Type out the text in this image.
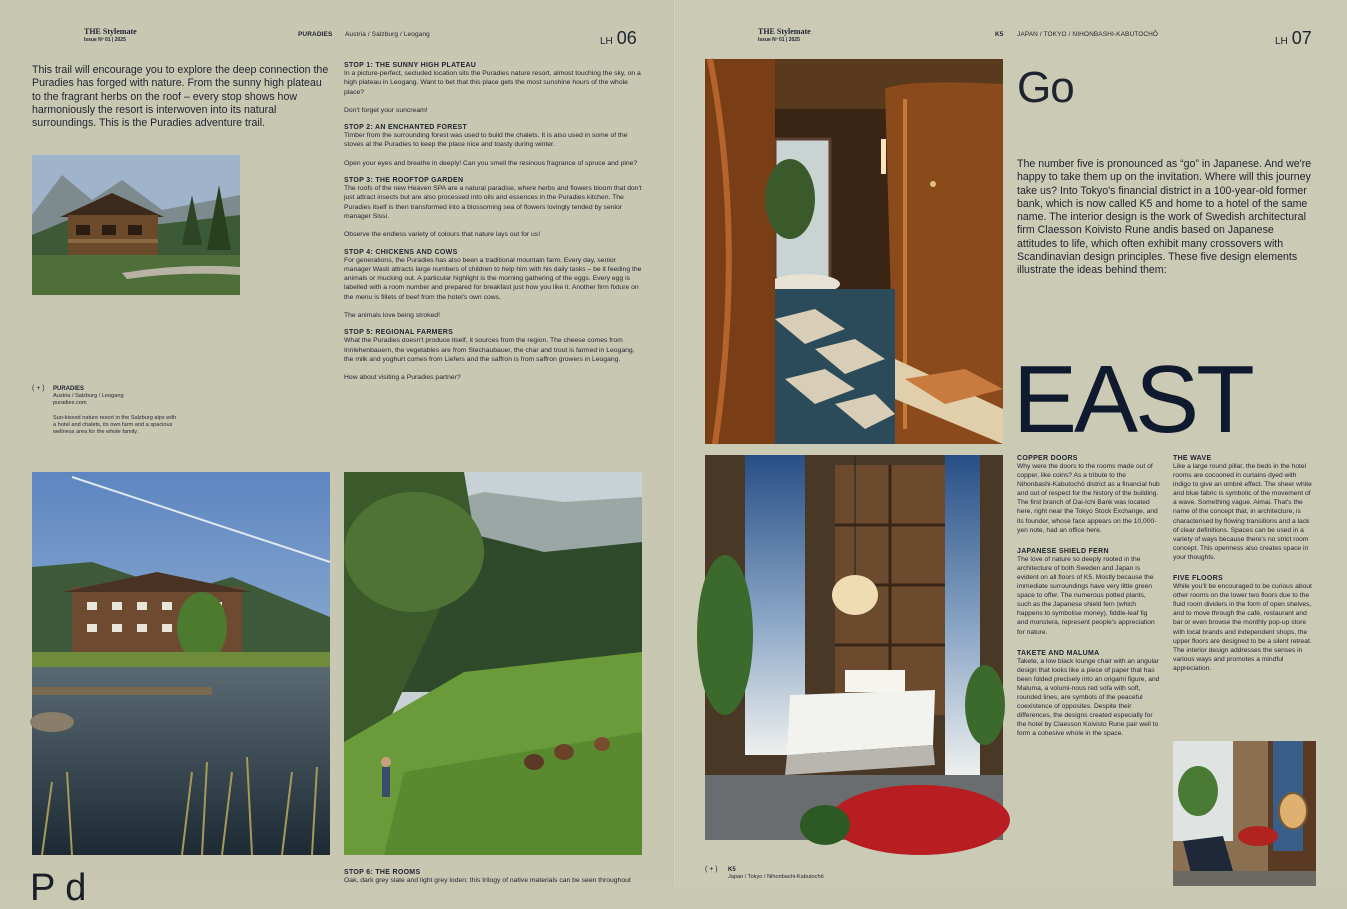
THE Stylemate
Issue Nº 01 | 2025
PURADIES Austria / Salzburg / Leogang
LH 06
This trail will encourage you to explore the deep connection the Puradies has forged with nature. From the sunny high plateau to the fragrant herbs on the roof – every stop shows how harmoniously the resort is interwoven into its natural surroundings. This is the Puradies adventure trail.
STOP 1: THE SUNNY HIGH PLATEAU

In a picture-perfect, secluded location sits the Puradies nature resort, almost touching the sky, on a high plateau in Leogang. Want to bet that this place gets the most sunshine hours of the whole place?

Don't forget your suncream!

STOP 2: AN ENCHANTED FOREST

Timber from the surrounding forest was used to build the chalets. It is also used in some of the stoves at the Puradies to keep the place nice and toasty during winter.

Open your eyes and breathe in deeply! Can you smell the resinous fragrance of spruce and pine?

STOP 3: THE ROOFTOP GARDEN

The roofs of the new Heaven SPA are a natural paradise, where herbs and flowers bloom that don't just attract insects but are also processed into oils and essences in the Puradies kitchen. The Puradies itself is then transformed into a blossoming sea of flowers lovingly tended by senior manager Sissi.

Observe the endless variety of colours that nature lays out for us!

STOP 4: CHICKENS AND COWS

For generations, the Puradies has also been a traditional mountain farm. Every day, senior manager Wasti attracts large numbers of children to help him with his daily tasks – be it feeding the animals or mucking out. A particular highlight is the morning gathering of the eggs. Every egg is labelled with a room number and prepared for breakfast just how you like it. Another firm fixture on the menu is fillets of beef from the hotel's own cows.

The animals love being stroked!

STOP 5: REGIONAL FARMERS

What the Puradies doesn't produce itself, it sources from the region. The cheese comes from Innlehenbauern, the vegetables are from Stechaubauer, the char and trout is farmed in Leogang, the milk and yoghurt comes from Liefers and the saffron is from saffron growers in Leogang.

How about visiting a Puradies partner?

( + ) PURADIES
Austria / Salzburg / Leogang
puradies.com

Sun-kissed nature resort in the Salzburg alps with a hotel and chalets, its own farm and a spacious wellness area for the whole family.
STOP 6: THE ROOMS

Oak, dark grey slate and light grey loden: this trilogy of native materials can be seen throughout

P d
THE Stylemate
Issue Nº 01 | 2025
K5 JAPAN / TOKYO / NIHONBASHI-KABUTOCHŌ
LH 07
Go
The number five is pronounced as “go” in Japanese. And we're happy to take them up on the invitation. Where will this journey take us? Into Tokyo's financial district in a 100-year-old former bank, which is now called K5 and home to a hotel of the same name. The interior design is the work of Swedish architectural firm Claesson Koivisto Rune andis based on Japanese attitudes to life, which often exhibit many crossovers with Scandinavian design principles. These five design elements illustrate the ideas behind them:
EAST
COPPER DOORS

Why were the doors to the rooms made out of copper, like coins? As a tribute to the Nihonbashi-Kabutochō district as a financial hub and out of respect for the history of the building. The first branch of Dai-Ichi Bank was located here, right near the Tokyo Stock Exchange, and its founder, whose face appears on the 10,000-yen note, had an office here.

JAPANESE SHIELD FERN

The love of nature so deeply rooted in the architecture of both Sweden and Japan is evident on all floors of K5. Mostly because the immediate surroundings have very little green space to offer. The numerous potted plants, such as the Japanese shield fern (which happens to symbolise money), fiddle-leaf fig and monstera, represent people's appreciation for nature.

TAKETE AND MALUMA

Takete, a low black lounge chair with an angular design that looks like a piece of paper that has been folded precisely into an origami figure, and Maluma, a volumi-nous red sofa with soft, rounded lines, are symbols of the peaceful coexistence of opposites. Despite their differences, the designs created especially for the hotel by Claesson Koivisto Rune pair well to form a cohesive whole in the space.

THE WAVE

Like a large round pillar, the beds in the hotel rooms are cocooned in curtains dyed with indigo to give an ombré effect. The sheer white and blue fabric is symbolic of the movement of a wave. Something vague. Aimai. That's the name of the concept that, in architecture, is characterised by flowing transitions and a lack of clear definitions. Spaces can be used in a variety of ways because there's no strict room concept. This openness also creates space in your thoughts.

FIVE FLOORS

While you'll be encouraged to be curious about other rooms on the lower two floors due to the fluid room dividers in the form of open shelves, and to move through the café, restaurant and bar or even browse the monthly pop-up store with local brands and independent shops, the upper floors are designed to be a silent retreat. The interior design addresses the senses in various ways and promotes a mindful appreciation.

( + ) K5
Japan / Tokyo / Nihonbashi-Kabutochō
